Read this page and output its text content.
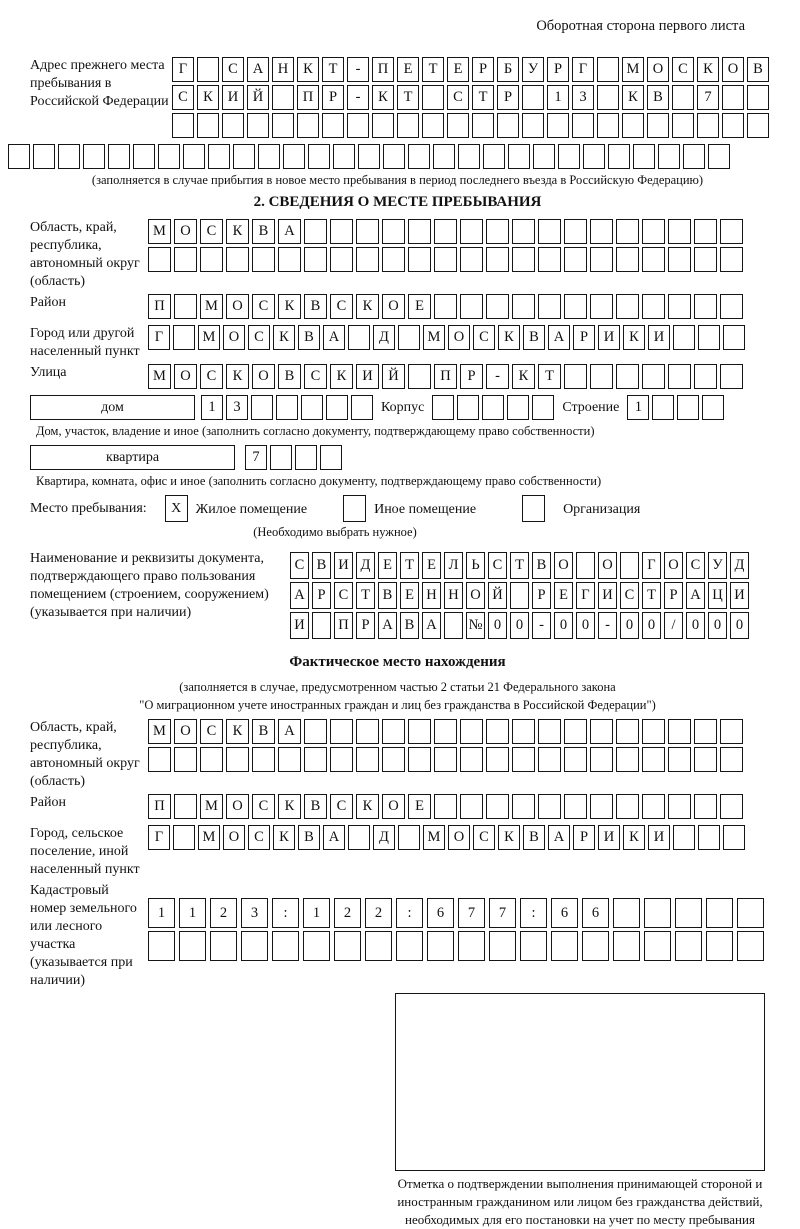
Оборотная сторона первого листа
Адрес прежнего места пребывания в Российской Федерации
Г	С	А	Н	К	Т	-	П	Е	Т	Е	Р	Б	У	Р	Г	М О	С	К	О	В
С	К	И	Й	П	Р	-	К	Т	С	Т	Р	1	3	К	В	7
(заполняется в случае прибытия в новое место пребывания в период последнего въезда в Российскую Федерацию)
2. СВЕДЕНИЯ О МЕСТЕ ПРЕБЫВАНИЯ
Область, край, республика, автономный округ (область)
М О	С	К	В	А
Район	П	М О	С	К	В	С	К	О	Е
Город или другой населенный пункт
Г	М О	С	К	В	А	Д	М О	С	К	В	А	Р	И	К	И
Улица	М О	С	К	О	В	С	К	И	Й	П	Р	-	К	Т
дом	1	3	Корпус	Строение	1
Дом, участок, владение и иное (заполнить согласно документу, подтверждающему право собственности)
квартира	7
Квартира, комната, офис и иное (заполнить согласно документу, подтверждающему право собственности)
Место пребывания:	X	Жилое помещение	Иное помещение	Организация
(Необходимо выбрать нужное)
Наименование и реквизиты документа, подтверждающего право пользования помещением (строением, сооружением) (указывается при наличии)
С В И Д Е Т Е Л Ь С Т В О О	Г О С У Д
А Р С Т В Е Н Н О Й	Р Е Г И С Т Р А Ц И
И П Р А В А № 0	0	-	0	0	-	0	0	/	0	0	0
Фактическое место нахождения
(заполняется в случае, предусмотренном частью 2 статьи 21 Федерального закона
"О миграционном учете иностранных граждан и лиц без гражданства в Российской Федерации")
Область, край, республика, автономный округ (область)
М О	С	К	В	А
Район	П	М О	С	К	В	С	К	О	Е
Город, сельское поселение, иной населенный пункт
Г	М О	С	К	В	А	Д	М О	С	К	В	А	Р	И	К	И
Кадастровый номер земельного или лесного участка (указывается при наличии)
1	1	2	3	:	1	2	2	:	6	7	7	:	6	6
Отметка о подтверждении выполнения принимающей стороной и иностранным гражданином или лицом без гражданства действий, необходимых для его постановки на учет по месту пребывания
